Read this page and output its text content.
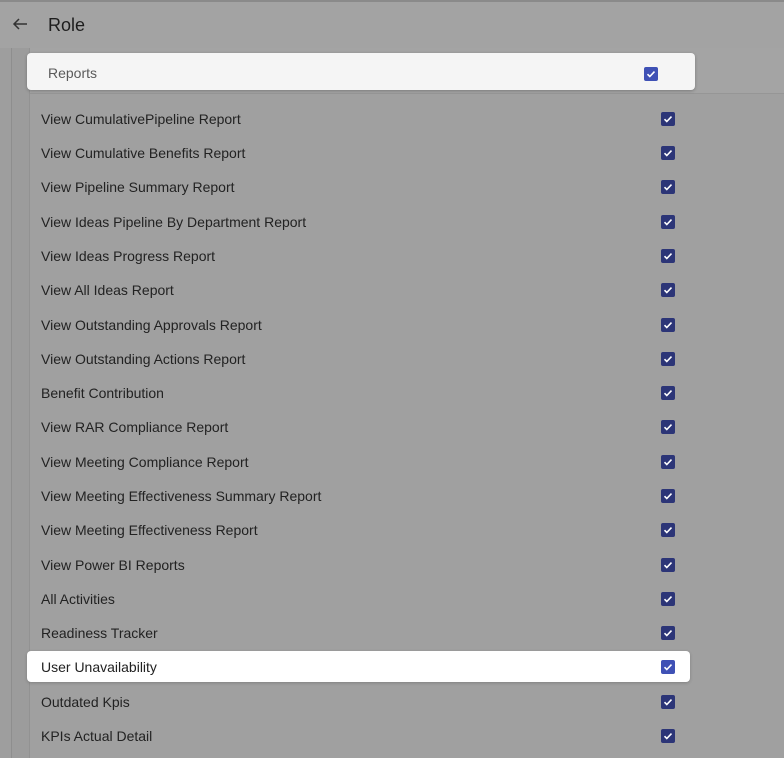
Role
Reports
View CumulativePipeline Report
View Cumulative Benefits Report
View Pipeline Summary Report
View Ideas Pipeline By Department Report
View Ideas Progress Report
View All Ideas Report
View Outstanding Approvals Report
View Outstanding Actions Report
Benefit Contribution
View RAR Compliance Report
View Meeting Compliance Report
View Meeting Effectiveness Summary Report
View Meeting Effectiveness Report
View Power BI Reports
All Activities
Readiness Tracker
User Unavailability
Outdated Kpis
KPIs Actual Detail
